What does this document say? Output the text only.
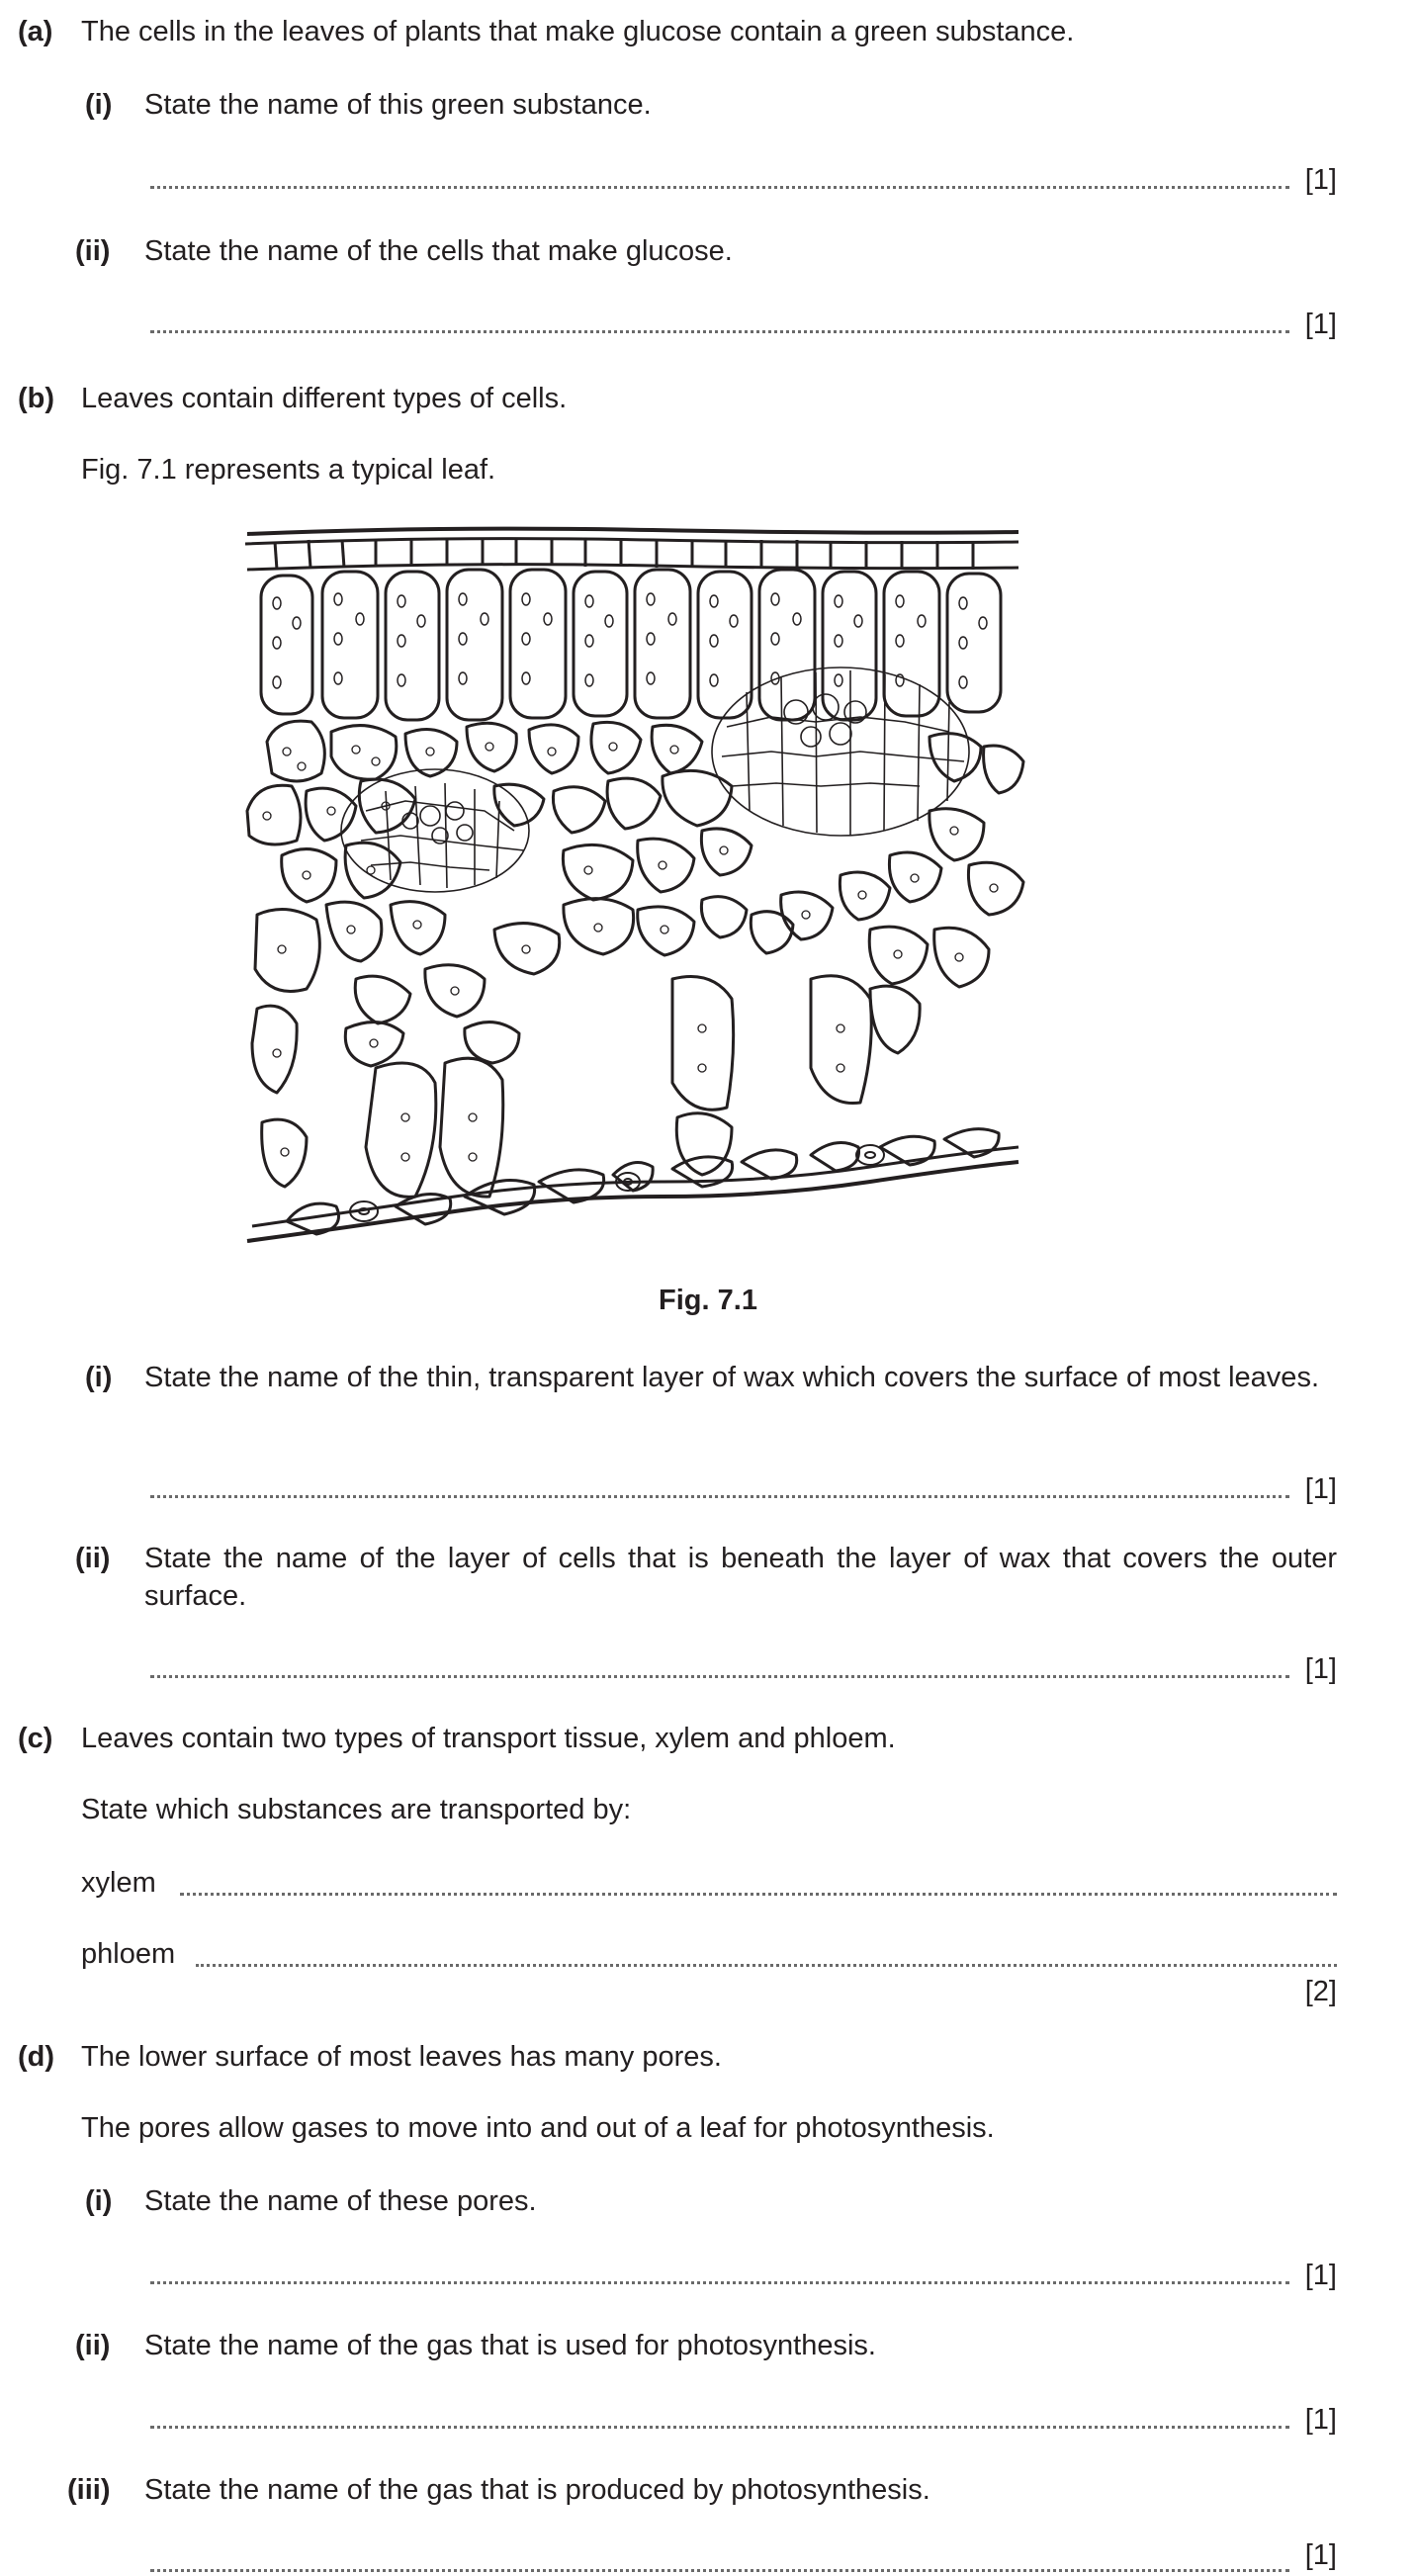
(a) The cells in the leaves of plants that make glucose contain a green substance.
(i) State the name of this green substance.
[1]
(ii) State the name of the cells that make glucose.
[1]
(b) Leaves contain different types of cells.
Fig. 7.1 represents a typical leaf.
Fig. 7.1
(i) State the name of the thin, transparent layer of wax which covers the surface of most leaves.
[1]
(ii) State the name of the layer of cells that is beneath the layer of wax that covers the outer surface.
[1]
(c) Leaves contain two types of transport tissue, xylem and phloem.
State which substances are transported by:
xylem
phloem
[2]
(d) The lower surface of most leaves has many pores.
The pores allow gases to move into and out of a leaf for photosynthesis.
(i) State the name of these pores.
[1]
(ii) State the name of the gas that is used for photosynthesis.
[1]
(iii) State the name of the gas that is produced by photosynthesis.
[1]
